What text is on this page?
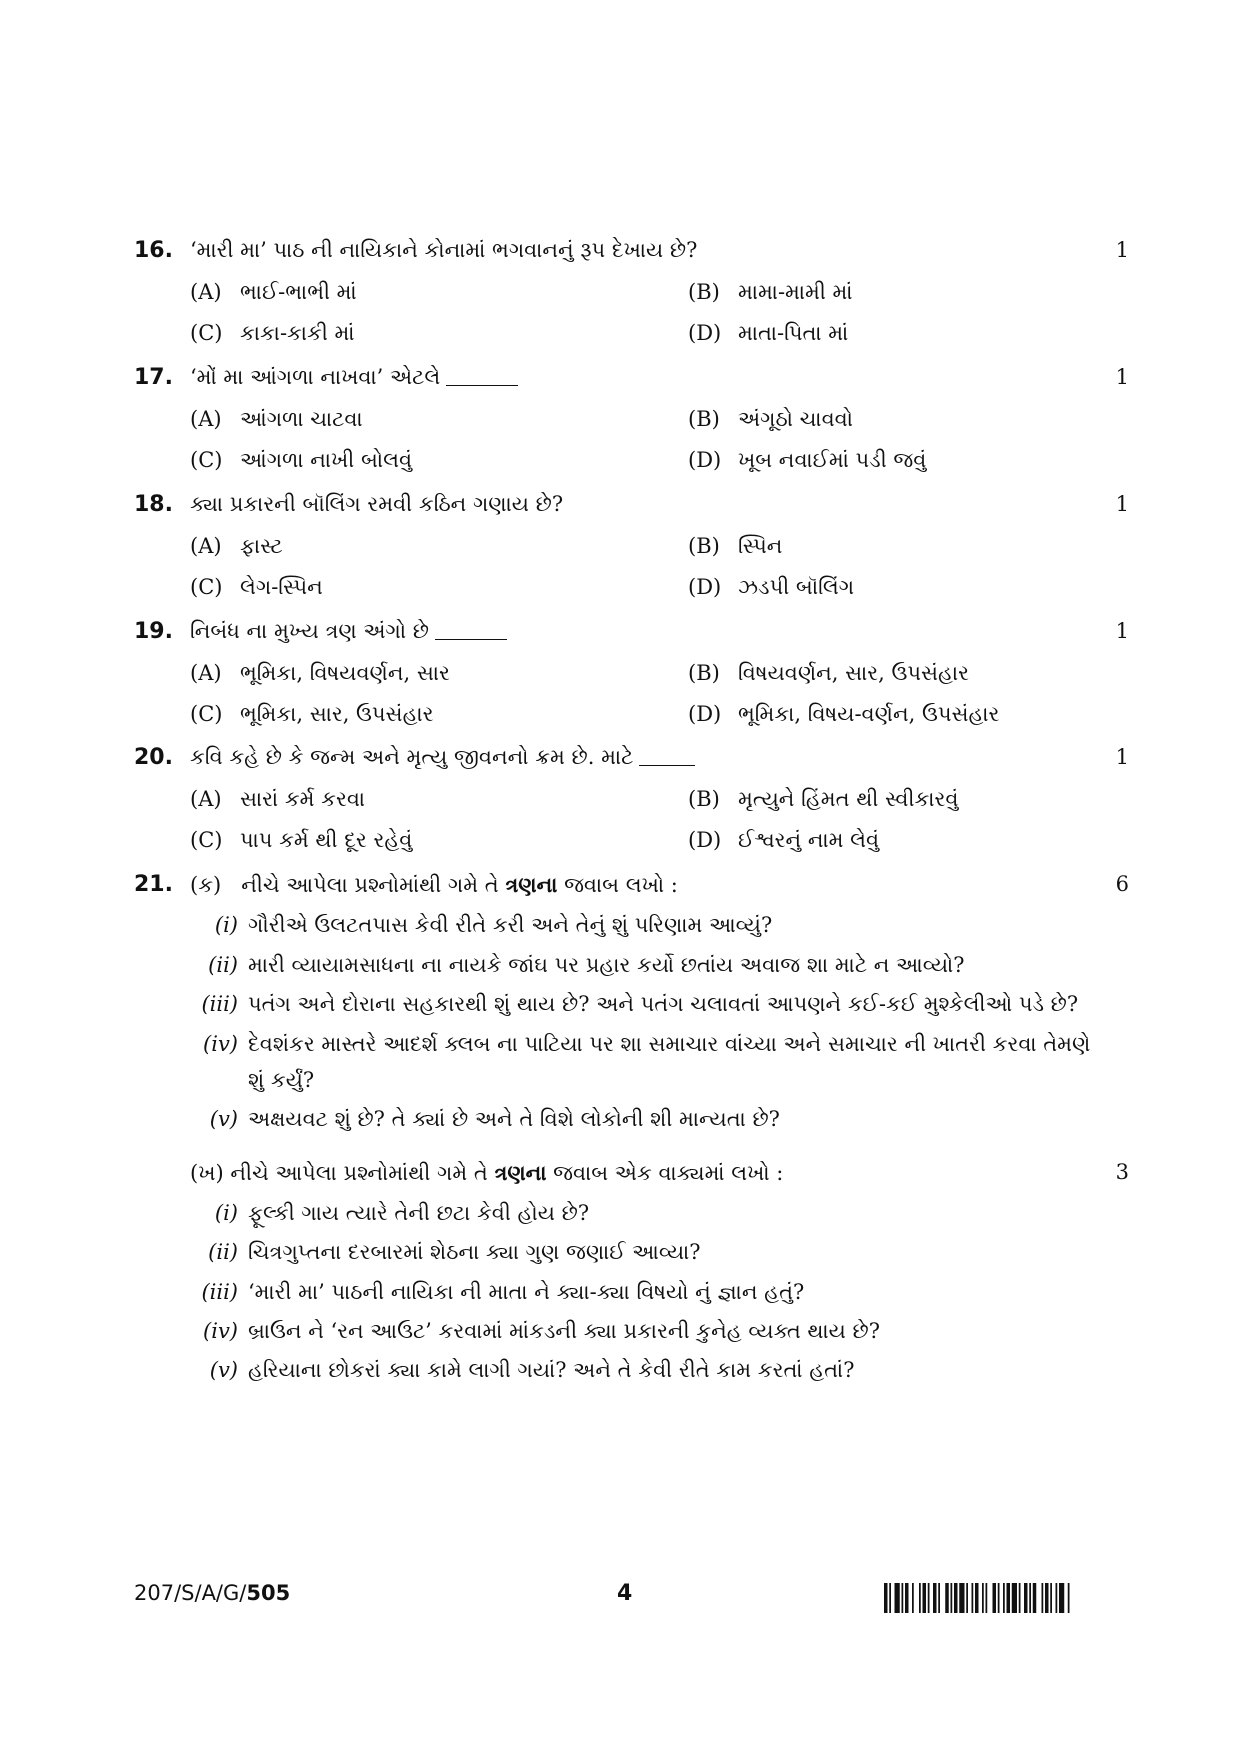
16. ‘મારી મા’ પાઠ ની નાયિકાને કોનામાં ભગવાનનું રૂપ દેખાય છે?	1
(A) ભાઈ-ભાભી માં	(B) મામા-મામી માં
(C) કાકા-કાકી માં	(D) માતા-પિતા માં
17. ‘મોં મા આંગળા નાખવા’ એટલે	1
(A) આંગળા ચાટવા	(B) અંગૂઠો ચાવવો
(C) આંગળા નાખી બોલવું	(D) ખૂબ નવાઈમાં પડી જવું
18. ક્યા પ્રકારની બૉલિંગ રમવી કઠિન ગણાય છે?	1
(A) ફાસ્ટ	(B) સ્પિન
(C) લેગ-સ્પિન	(D) ઝડપી બૉલિંગ
19. નિબંધ ના મુખ્ય ત્રણ અંગો છે	1
(A) ભૂમિકા, વિષયવર્ણન, સાર	(B) વિષયવર્ણન, સાર, ઉપસંહાર
(C) ભૂમિકા, સાર, ઉપસંહાર	(D) ભૂમિકા, વિષય-વર્ણન, ઉપસંહાર
20. કવિ કહે છે કે જન્મ અને મૃત્યુ જીવનનો ક્રમ છે. માટે	1
(A) સારાં કર્મ કરવા	(B) મૃત્યુને હિંમત થી સ્વીકારવું
(C) પાપ કર્મ થી દૂર રહેવું	(D) ઈશ્વરનું નામ લેવું
21. (ક) નીચે આપેલા પ્રશ્નોમાંથી ગમે તે ત્રણના જવાબ લખો :	6
(i) ગૌરીએ ઉલટતપાસ કેવી રીતે કરી અને તેનું શું પરિણામ આવ્યું?
(ii) મારી વ્યાયામસાધના ના નાયકે જાંઘ પર પ્રહાર કર્યો છતાંય અવાજ શા માટે ન આવ્યો?
(iii) પતંગ અને દોરાના સહકારથી શું થાય છે? અને પતંગ ચલાવતાં આપણને કઈ-કઈ મુશ્કેલીઓ પડે છે?
(iv) દેવશંકર માસ્તરે આદર્શ ક્લબ ના પાટિયા પર શા સમાચાર વાંચ્યા અને સમાચાર ની ખાતરી કરવા તેમણે
શું કર્યું?
(v) અક્ષયવટ શું છે? તે ક્યાં છે અને તે વિશે લોકોની શી માન્યતા છે?
(ખ) નીચે આપેલા પ્રશ્નોમાંથી ગમે તે ત્રણના જવાબ એક વાક્યમાં લખો :	3
(i) ફૂલ્કી ગાય ત્યારે તેની છટા કેવી હોય છે?
(ii) ચિત્રગુપ્તના દરબારમાં શેઠના ક્યા ગુણ જણાઈ આવ્યા?
(iii) ‘મારી મા’ પાઠની નાયિકા ની માતા ને ક્યા-ક્યા વિષયો નું જ્ઞાન હતું?
(iv) બ્રાઉન ને ‘રન આઉટ’ કરવામાં માંકડની ક્યા પ્રકારની કુનેહ વ્યક્ત થાય છે?
(v) હરિયાના છોકરાં ક્યા કામે લાગી ગયાં? અને તે કેવી રીતે કામ કરતાં હતાં?
207/S/A/G/505	4
